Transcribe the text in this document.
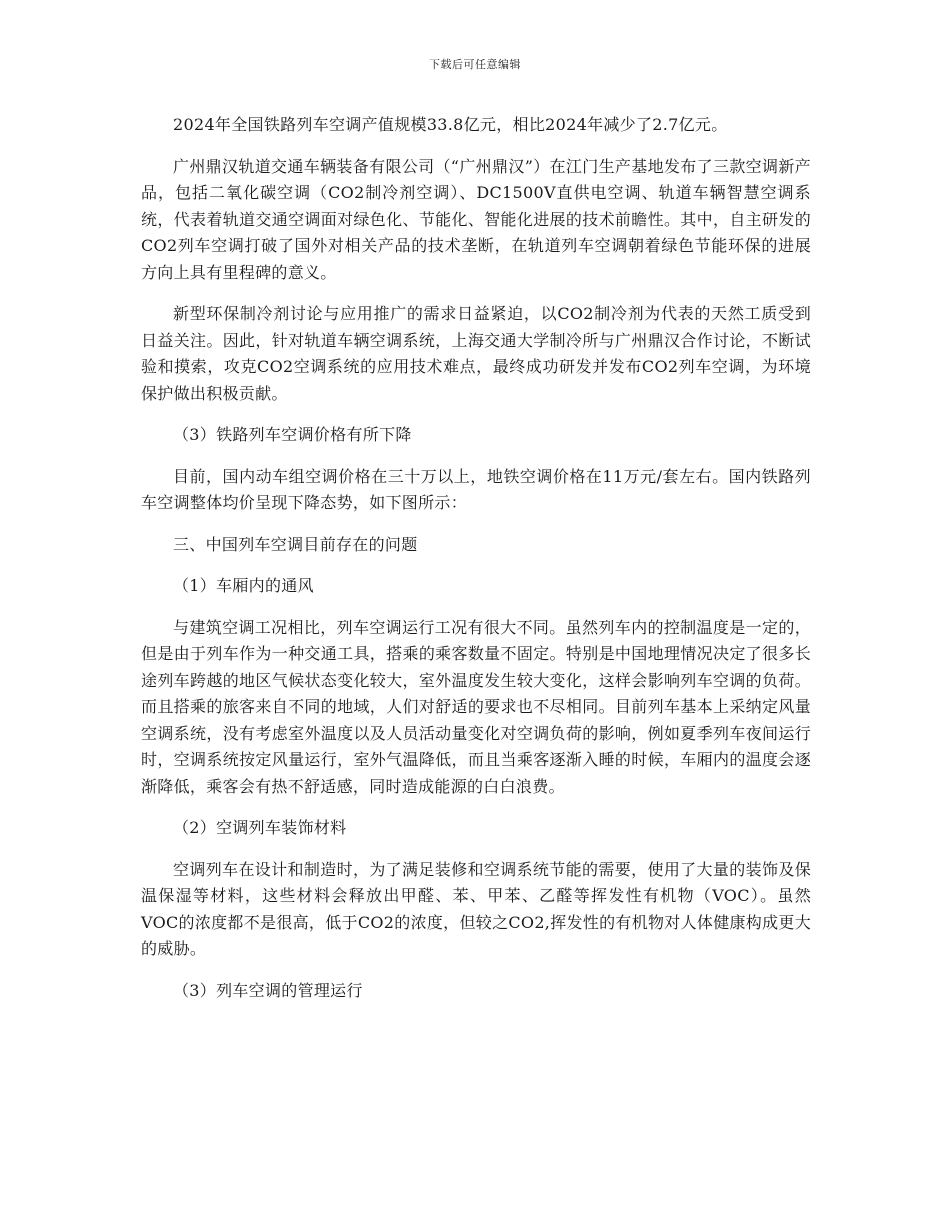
下载后可任意编辑

2024年全国铁路列车空调产值规模33.8亿元，相比2024年减少了2.7亿元。

广州鼎汉轨道交通车辆装备有限公司（“广州鼎汉”）在江门生产基地发布了三款空调新产品，包括二氧化碳空调（CO2制冷剂空调）、DC1500V直供电空调、轨道车辆智慧空调系统，代表着轨道交通空调面对绿色化、节能化、智能化进展的技术前瞻性。其中，自主研发的CO2列车空调打破了国外对相关产品的技术垄断，在轨道列车空调朝着绿色节能环保的进展方向上具有里程碑的意义。

新型环保制冷剂讨论与应用推广的需求日益紧迫，以CO2制冷剂为代表的天然工质受到日益关注。因此，针对轨道车辆空调系统，上海交通大学制冷所与广州鼎汉合作讨论，不断试验和摸索，攻克CO2空调系统的应用技术难点，最终成功研发并发布CO2列车空调，为环境保护做出积极贡献。

（3）铁路列车空调价格有所下降

目前，国内动车组空调价格在三十万以上，地铁空调价格在11万元/套左右。国内铁路列车空调整体均价呈现下降态势，如下图所示：

三、中国列车空调目前存在的问题

（1）车厢内的通风

与建筑空调工况相比，列车空调运行工况有很大不同。虽然列车内的控制温度是一定的，但是由于列车作为一种交通工具，搭乘的乘客数量不固定。特别是中国地理情况决定了很多长途列车跨越的地区气候状态变化较大，室外温度发生较大变化，这样会影响列车空调的负荷。而且搭乘的旅客来自不同的地域，人们对舒适的要求也不尽相同。目前列车基本上采纳定风量空调系统，没有考虑室外温度以及人员活动量变化对空调负荷的影响，例如夏季列车夜间运行时，空调系统按定风量运行，室外气温降低，而且当乘客逐渐入睡的时候，车厢内的温度会逐渐降低，乘客会有热不舒适感，同时造成能源的白白浪费。

（2）空调列车装饰材料

空调列车在设计和制造时，为了满足装修和空调系统节能的需要，使用了大量的装饰及保温保湿等材料，这些材料会释放出甲醛、苯、甲苯、乙醛等挥发性有机物（VOC）。虽然VOC的浓度都不是很高，低于CO2的浓度，但较之CO2,挥发性的有机物对人体健康构成更大的威胁。

（3）列车空调的管理运行
